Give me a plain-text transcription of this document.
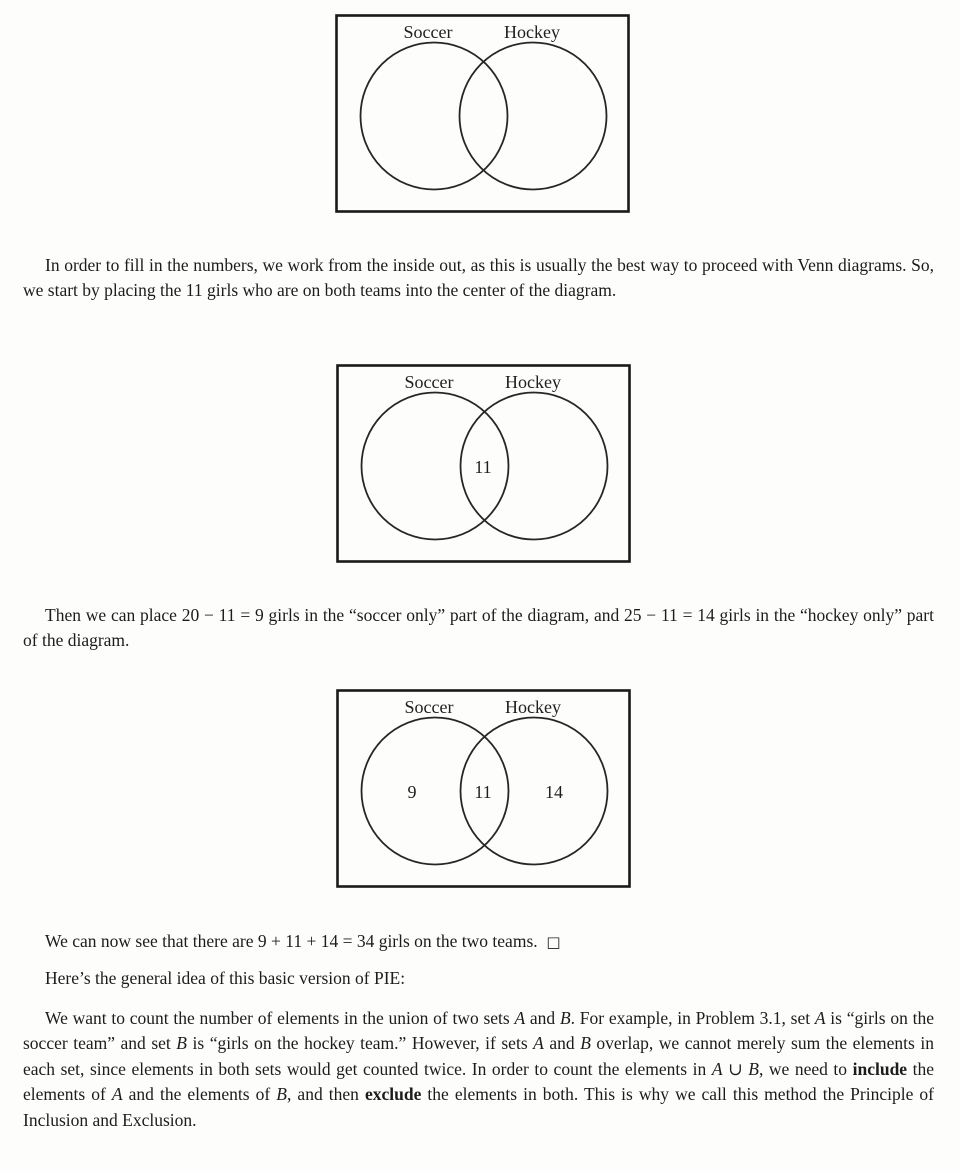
Soccer	Hockey

In order to fill in the numbers, we work from the inside out, as this is usually the best way to proceed with Venn diagrams. So, we start by placing the 11 girls who are on both teams into the center of the diagram.

Soccer	Hockey
11

Then we can place 20 − 11 = 9 girls in the “soccer only” part of the diagram, and 25 − 11 = 14 girls in the “hockey only” part of the diagram.

Soccer	Hockey
9	11	14

We can now see that there are 9 + 11 + 14 = 34 girls on the two teams. □

Here’s the general idea of this basic version of PIE:

We want to count the number of elements in the union of two sets A and B. For example, in Problem 3.1, set A is “girls on the soccer team” and set B is “girls on the hockey team.” However, if sets A and B overlap, we cannot merely sum the elements in each set, since elements in both sets would get counted twice. In order to count the elements in A ∪ B, we need to include the elements of A and the elements of B, and then exclude the elements in both. This is why we call this method the Principle of Inclusion and Exclusion.
